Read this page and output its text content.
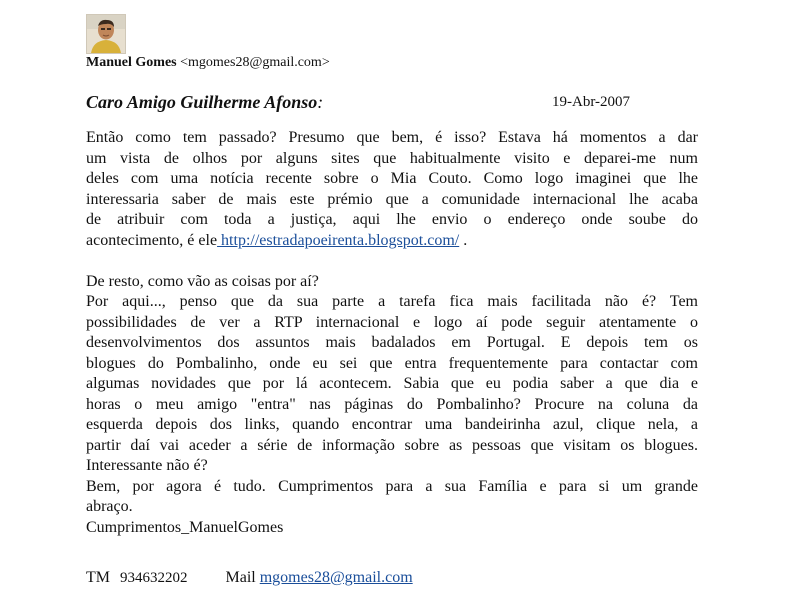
Manuel Gomes <mgomes28@gmail.com>
Caro Amigo Guilherme Afonso:	19-Abr-2007
Então como tem passado? Presumo que bem, é isso? Estava há momentos a dar
um vista de olhos por alguns sites que habitualmente visito e deparei-me num
deles com uma notícia recente sobre o Mia Couto. Como logo imaginei que lhe
interessaria saber de mais este prémio que a comunidade internacional lhe acaba
de atribuir com toda a justiça, aqui lhe envio o endereço onde soube do
acontecimento, é ele http://estradapoeirenta.blogspot.com/ .
De resto, como vão as coisas por aí?
Por aqui..., penso que da sua parte a tarefa fica mais facilitada não é? Tem
possibilidades de ver a RTP internacional e logo aí pode seguir atentamente o
desenvolvimentos dos assuntos mais badalados em Portugal. E depois tem os
blogues do Pombalinho, onde eu sei que entra frequentemente para contactar com
algumas novidades que por lá acontecem. Sabia que eu podia saber a que dia e
horas o meu amigo "entra" nas páginas do Pombalinho? Procure na coluna da
esquerda depois dos links, quando encontrar uma bandeirinha azul, clique nela, a
partir daí vai aceder a série de informação sobre as pessoas que visitam os blogues.
Interessante não é?
Bem, por agora é tudo. Cumprimentos para a sua Família e para si um grande
abraço.
Cumprimentos_ManuelGomes
TM 934632202 Mail mgomes28@gmail.com
